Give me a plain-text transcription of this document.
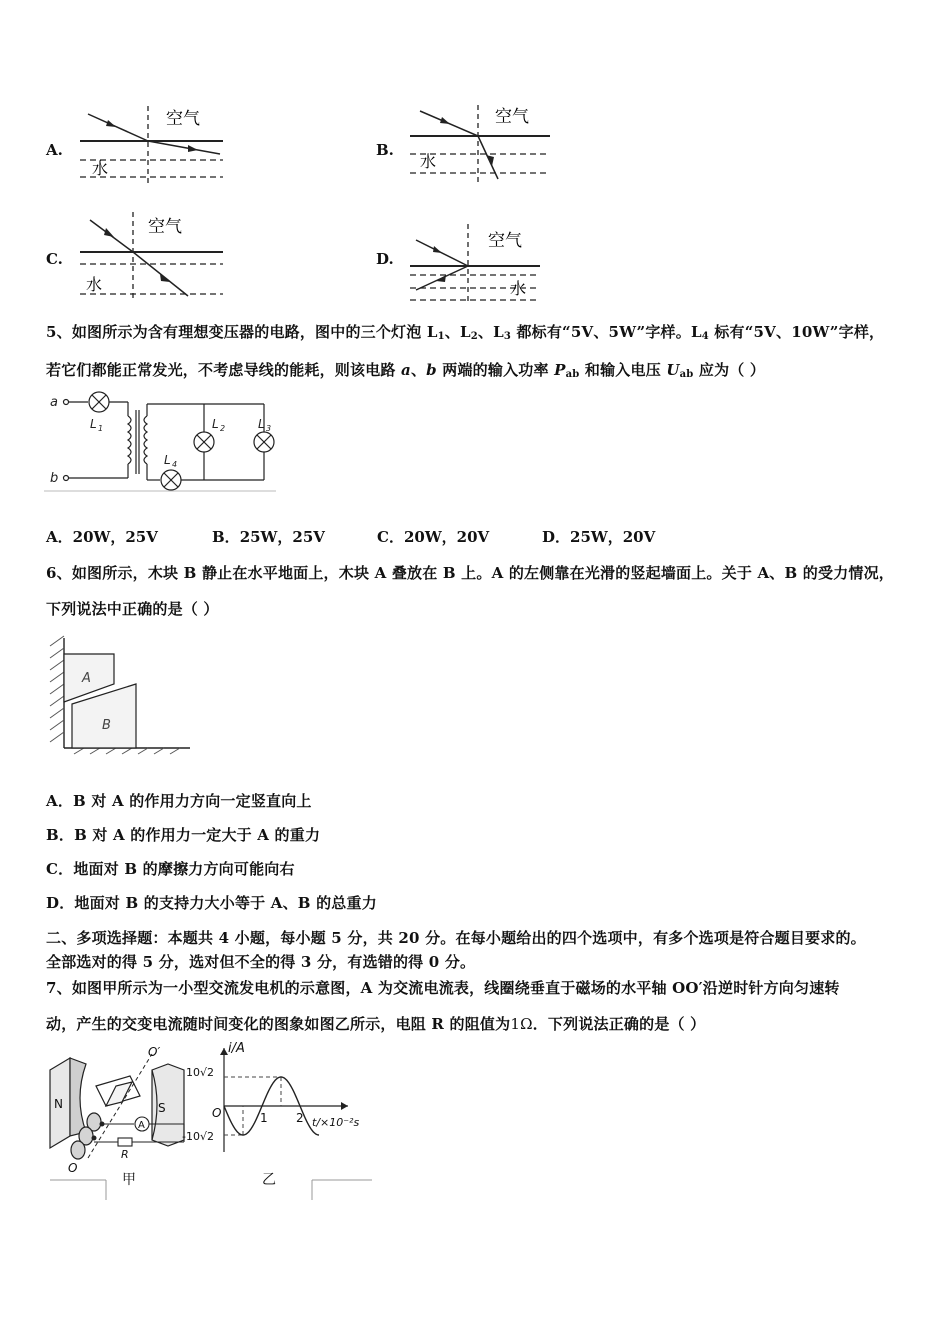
A.
空气
水
B.
空气
水
C.
空气
水
D.
空气
水
5、如图所示为含有理想变压器的电路，图中的三个灯泡 $L_1$、$L_2$、$L_3$ 都标有“5V、5W”字样。$L_4$ 标有“5V、10W”字样，
若它们都能正常发光，不考虑导线的能耗，则该电路 a、b 两端的输入功率 $P_{ab}$ 和输入电压 $U_{ab}$ 应为（ ）
a
b
L 1	L 2	L 3
L 4
A．20W，25V	B．25W，25V	C．20W，20V	D．25W，20V
6、如图所示，木块 B 静止在水平地面上，木块 A 叠放在 B 上。A 的左侧靠在光滑的竖起墙面上。关于 A、B 的受力情况，
下列说法中正确的是（ ）
A
B
A．B 对 A 的作用力方向一定竖直向上
B．B 对 A 的作用力一定大于 A 的重力
C．地面对 B 的摩擦力方向可能向右
D．地面对 B 的支持力大小等于 A、B 的总重力
二、多项选择题：本题共 4 小题，每小题 5 分，共 20 分。在每小题给出的四个选项中，有多个选项是符合题目要求的。
全部选对的得 5 分，选对但不全的得 3 分，有选错的得 0 分。
7、如图甲所示为一小型交流发电机的示意图，A 为交流电流表，线圈绕垂直于磁场的水平轴 OO′沿逆时针方向匀速转
动，产生的交变电流随时间变化的图象如图乙所示，电阻 R 的阻值为1Ω．下列说法正确的是（ ）
N	S
O′
O
A
R
甲
i/A
10√2
-10√2
O	1 2 t/×10⁻²s
乙
